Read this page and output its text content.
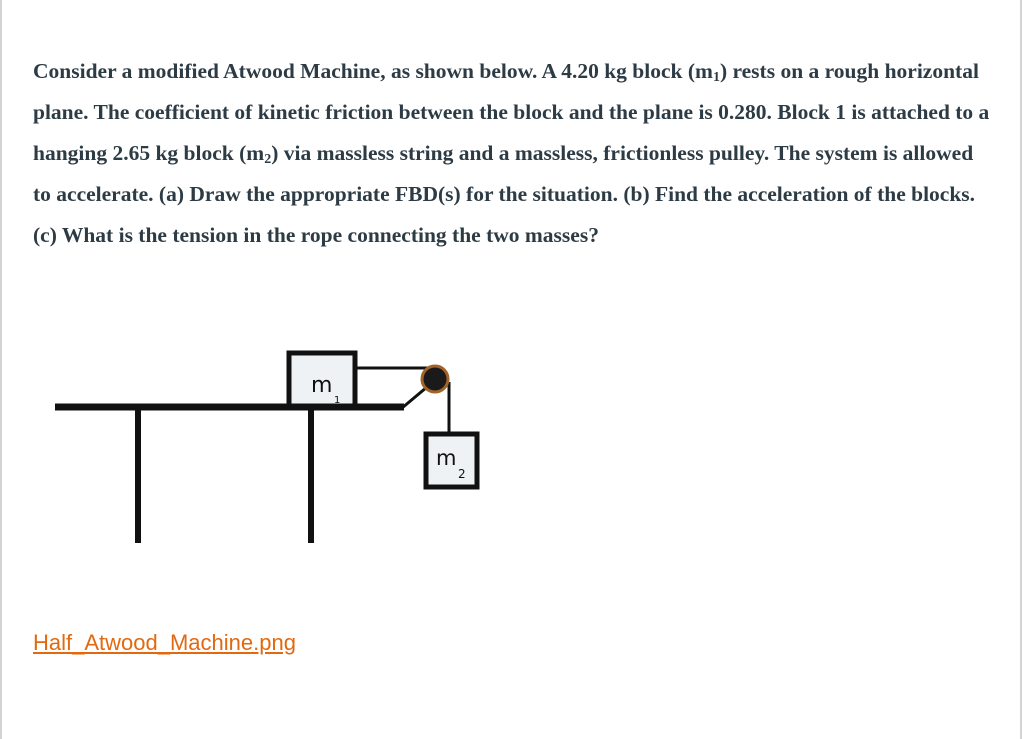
Consider a modified Atwood Machine, as shown below. A 4.20 kg block $(m_1)$ rests on a rough horizontal plane. The coefficient of kinetic friction between the block and the plane is 0.280. Block 1 is attached to a hanging 2.65 kg block $(m_2)$ via massless string and a massless, frictionless pulley. The system is allowed to accelerate. (a) Draw the appropriate FBD(s) for the situation. (b) Find the acceleration of the blocks. (c) What is the tension in the rope connecting the two masses?

m
1
m
2
Half_Atwood_Machine.png
